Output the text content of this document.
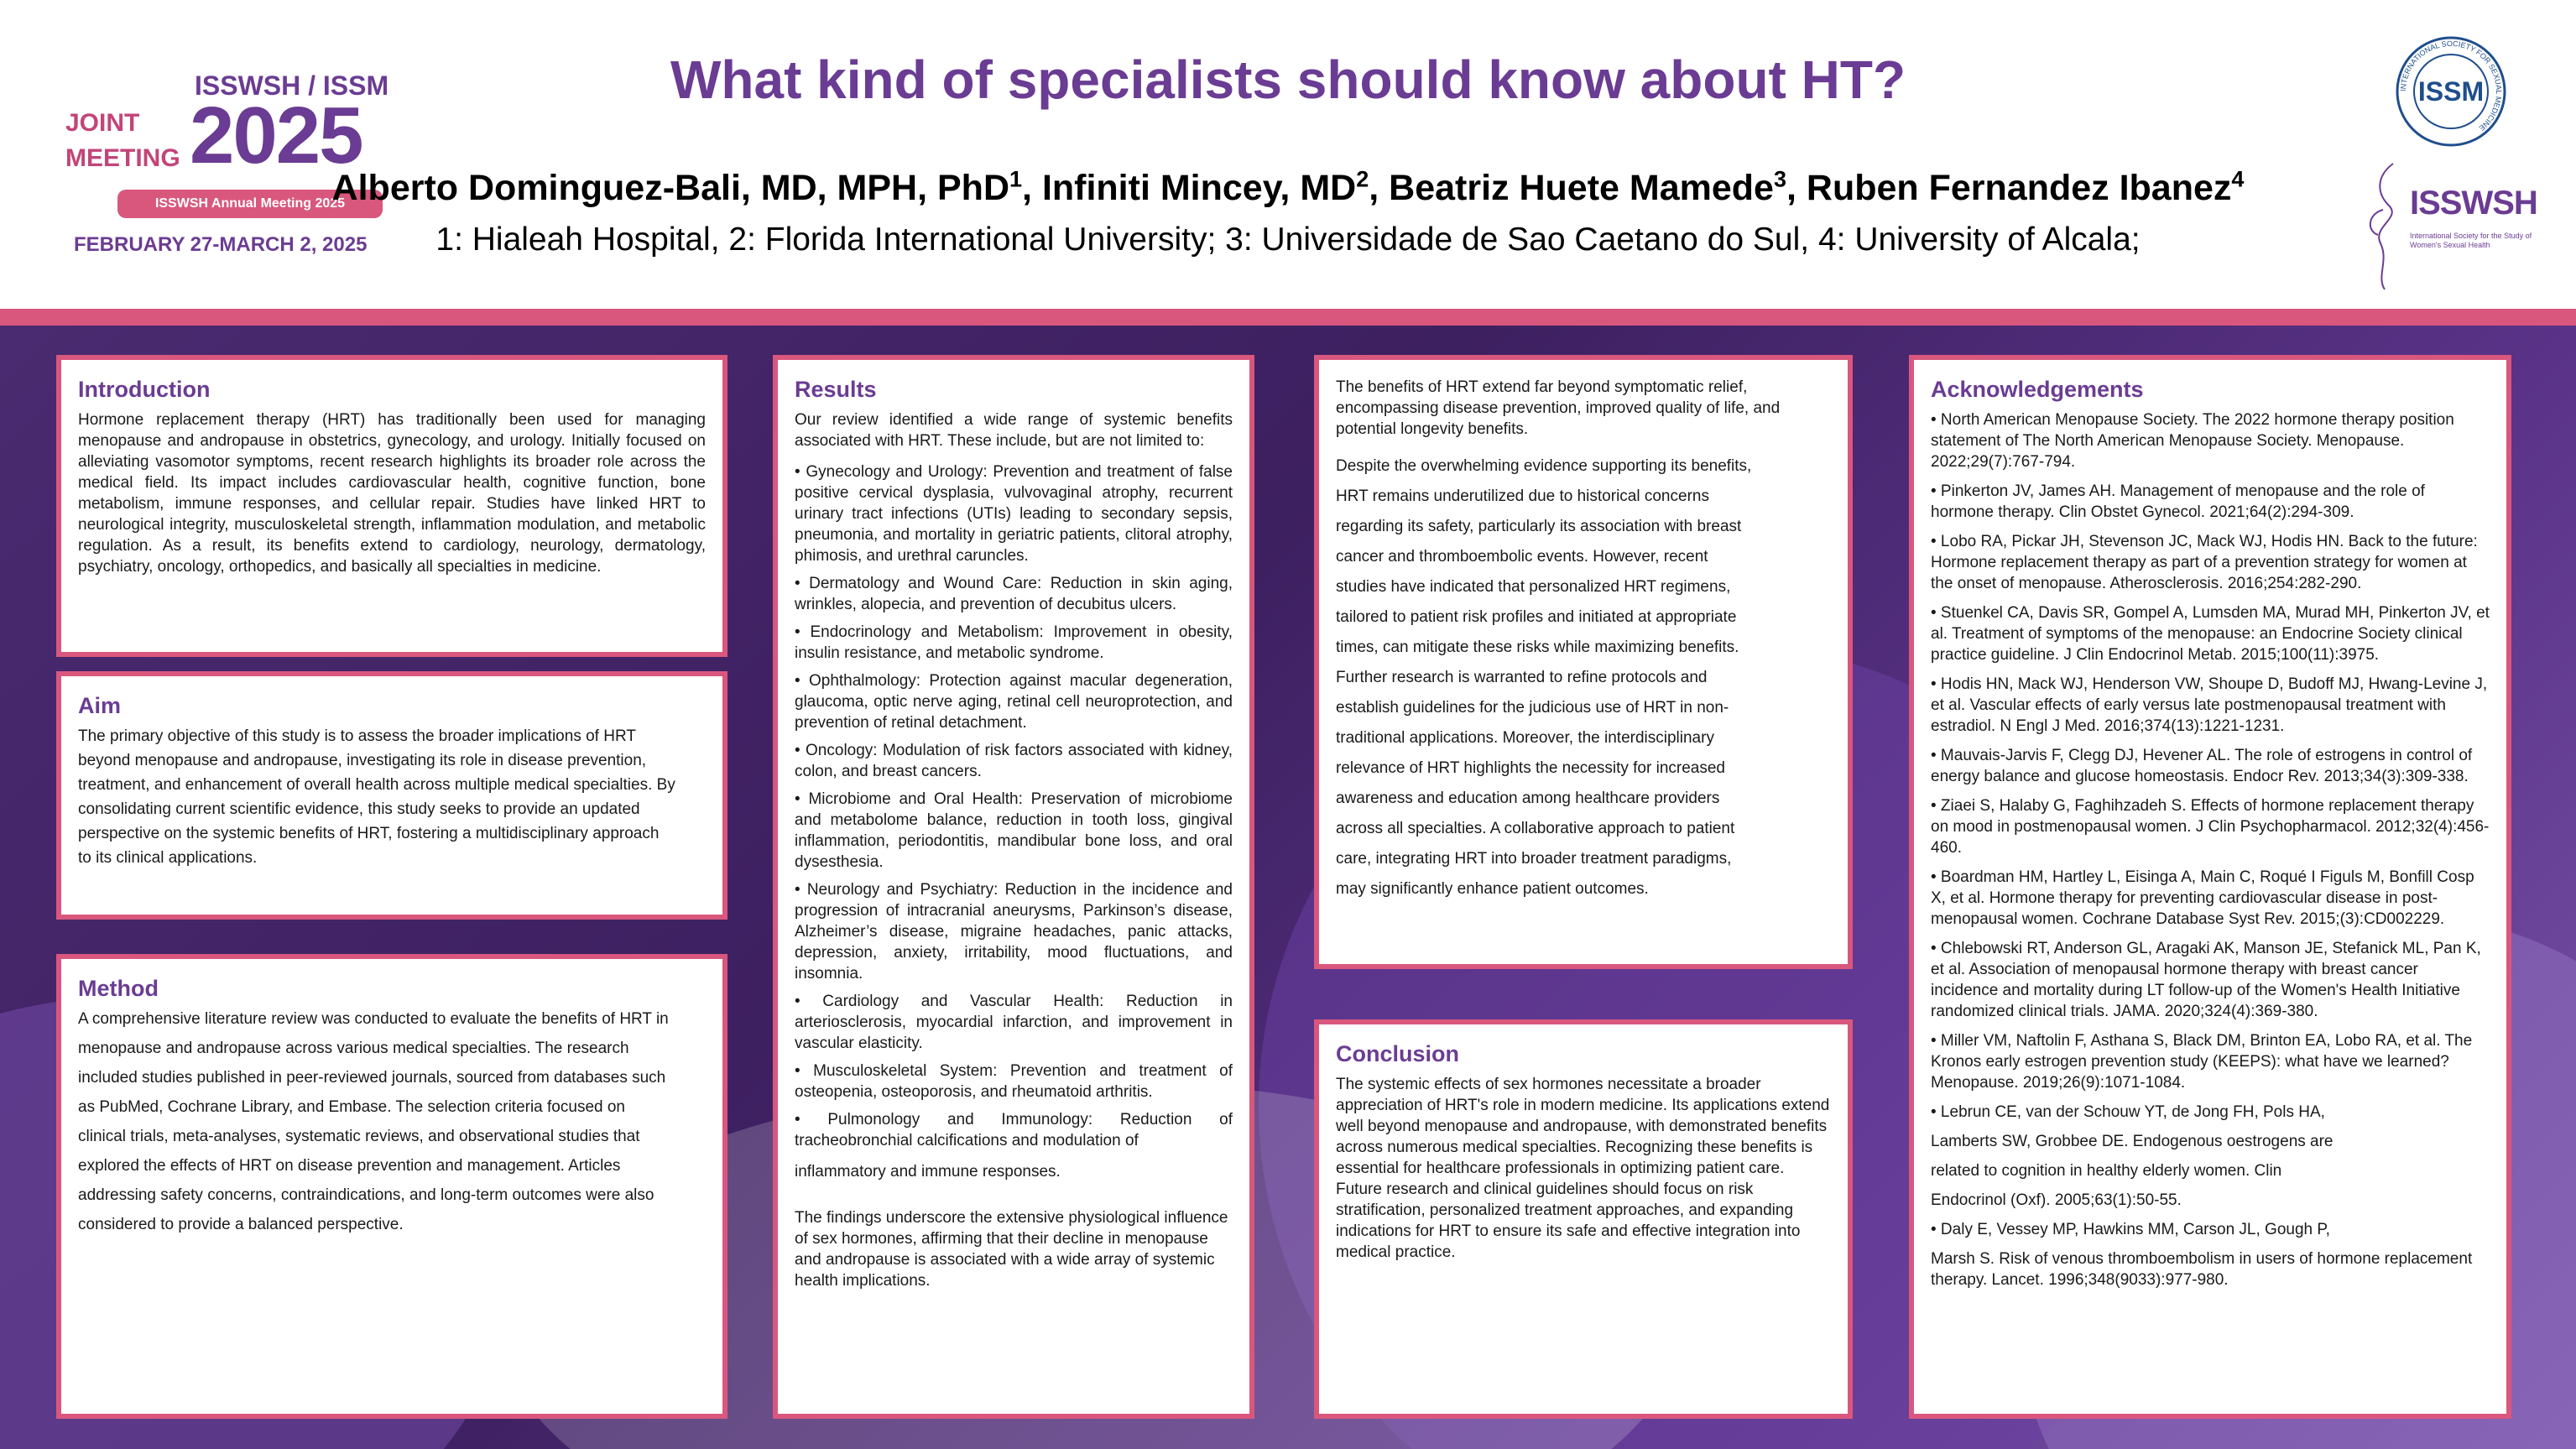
JOINT
MEETING
ISSWSH / ISSM
2025
ISSWSH Annual Meeting 2025
FEBRUARY 27-MARCH 2, 2025
What kind of specialists should know about HT?
Alberto Dominguez-Bali, MD, MPH, PhD$^1$, Infiniti Mincey, $MD^2$, Beatriz Huete Mamede$^3$, Ruben Fernandez Ibanez$^4$
1: Hialeah Hospital, 2: Florida International University; 3: Universidade de Sao Caetano do Sul, 4: University of Alcala;
INTERNATIONAL SOCIETY FOR SEXUAL MEDICINE
ISSM
ISSWSH
International Society for the Study of Women's Sexual Health
Introduction

Hormone replacement therapy (HRT) has traditionally been used for managing menopause and andropause in obstetrics, gynecology, and urology. Initially focused on alleviating vasomotor symptoms, recent research highlights its broader role across the medical field. Its impact includes cardiovascular health, cognitive function, bone metabolism, immune responses, and cellular repair. Studies have linked HRT to neurological integrity, musculoskeletal strength, inflammation modulation, and metabolic regulation. As a result, its benefits extend to cardiology, neurology, dermatology, psychiatry, oncology, orthopedics, and basically all specialties in medicine.

Aim

The primary objective of this study is to assess the broader implications of HRT

beyond menopause and andropause, investigating its role in disease prevention,

treatment, and enhancement of overall health across multiple medical specialties. By

consolidating current scientific evidence, this study seeks to provide an updated

perspective on the systemic benefits of HRT, fostering a multidisciplinary approach

to its clinical applications.

Method

A comprehensive literature review was conducted to evaluate the benefits of HRT in

menopause and andropause across various medical specialties. The research

included studies published in peer-reviewed journals, sourced from databases such

as PubMed, Cochrane Library, and Embase. The selection criteria focused on

clinical trials, meta-analyses, systematic reviews, and observational studies that

explored the effects of HRT on disease prevention and management. Articles

addressing safety concerns, contraindications, and long-term outcomes were also

considered to provide a balanced perspective.

Results

Our review identified a wide range of systemic benefits associated with HRT. These include, but are not limited to:

• Gynecology and Urology: Prevention and treatment of false positive cervical dysplasia, vulvovaginal atrophy, recurrent urinary tract infections (UTIs) leading to secondary sepsis, pneumonia, and mortality in geriatric patients, clitoral atrophy, phimosis, and urethral caruncles.

• Dermatology and Wound Care: Reduction in skin aging, wrinkles, alopecia, and prevention of decubitus ulcers.

• Endocrinology and Metabolism: Improvement in obesity, insulin resistance, and metabolic syndrome.

• Ophthalmology: Protection against macular degeneration, glaucoma, optic nerve aging, retinal cell neuroprotection, and prevention of retinal detachment.

• Oncology: Modulation of risk factors associated with kidney, colon, and breast cancers.

• Microbiome and Oral Health: Preservation of microbiome and metabolome balance, reduction in tooth loss, gingival inflammation, periodontitis, mandibular bone loss, and oral dysesthesia.

• Neurology and Psychiatry: Reduction in the incidence and progression of intracranial aneurysms, Parkinson’s disease, Alzheimer’s disease, migraine headaches, panic attacks, depression, anxiety, irritability, mood fluctuations, and insomnia.

• Cardiology and Vascular Health: Reduction in arteriosclerosis, myocardial infarction, and improvement in vascular elasticity.

• Musculoskeletal System: Prevention and treatment of osteopenia, osteoporosis, and rheumatoid arthritis.

• Pulmonology and Immunology: Reduction of tracheobronchial calcifications and modulation of

inflammatory and immune responses.

The findings underscore the extensive physiological influence of sex hormones, affirming that their decline in menopause and andropause is associated with a wide array of systemic health implications.

The benefits of HRT extend far beyond symptomatic relief, encompassing disease prevention, improved quality of life, and potential longevity benefits.

Despite the overwhelming evidence supporting its benefits,

HRT remains underutilized due to historical concerns

regarding its safety, particularly its association with breast

cancer and thromboembolic events. However, recent

studies have indicated that personalized HRT regimens,

tailored to patient risk profiles and initiated at appropriate

times, can mitigate these risks while maximizing benefits.

Further research is warranted to refine protocols and

establish guidelines for the judicious use of HRT in non-

traditional applications. Moreover, the interdisciplinary

relevance of HRT highlights the necessity for increased

awareness and education among healthcare providers

across all specialties. A collaborative approach to patient

care, integrating HRT into broader treatment paradigms,

may significantly enhance patient outcomes.

Conclusion

The systemic effects of sex hormones necessitate a broader appreciation of HRT's role in modern medicine. Its applications extend well beyond menopause and andropause, with demonstrated benefits across numerous medical specialties. Recognizing these benefits is essential for healthcare professionals in optimizing patient care. Future research and clinical guidelines should focus on risk stratification, personalized treatment approaches, and expanding indications for HRT to ensure its safe and effective integration into medical practice.

Acknowledgements

• North American Menopause Society. The 2022 hormone therapy position statement of The North American Menopause Society. Menopause. 2022;29(7):767-794.

• Pinkerton JV, James AH. Management of menopause and the role of hormone therapy. Clin Obstet Gynecol. 2021;64(2):294-309.

• Lobo RA, Pickar JH, Stevenson JC, Mack WJ, Hodis HN. Back to the future: Hormone replacement therapy as part of a prevention strategy for women at the onset of menopause. Atherosclerosis. 2016;254:282-290.

• Stuenkel CA, Davis SR, Gompel A, Lumsden MA, Murad MH, Pinkerton JV, et al. Treatment of symptoms of the menopause: an Endocrine Society clinical practice guideline. J Clin Endocrinol Metab. 2015;100(11):3975.

• Hodis HN, Mack WJ, Henderson VW, Shoupe D, Budoff MJ, Hwang-Levine J, et al. Vascular effects of early versus late postmenopausal treatment with estradiol. N Engl J Med. 2016;374(13):1221-1231.

• Mauvais-Jarvis F, Clegg DJ, Hevener AL. The role of estrogens in control of energy balance and glucose homeostasis. Endocr Rev. 2013;34(3):309-338.

• Ziaei S, Halaby G, Faghihzadeh S. Effects of hormone replacement therapy on mood in postmenopausal women. J Clin Psychopharmacol. 2012;32(4):456-460.

• Boardman HM, Hartley L, Eisinga A, Main C, Roqué I Figuls M, Bonfill Cosp X, et al. Hormone therapy for preventing cardiovascular disease in post-menopausal women. Cochrane Database Syst Rev. 2015;(3):CD002229.

• Chlebowski RT, Anderson GL, Aragaki AK, Manson JE, Stefanick ML, Pan K, et al. Association of menopausal hormone therapy with breast cancer incidence and mortality during LT follow-up of the Women's Health Initiative randomized clinical trials. JAMA. 2020;324(4):369-380.

• Miller VM, Naftolin F, Asthana S, Black DM, Brinton EA, Lobo RA, et al. The Kronos early estrogen prevention study (KEEPS): what have we learned? Menopause. 2019;26(9):1071-1084.

• Lebrun CE, van der Schouw YT, de Jong FH, Pols HA,

Lamberts SW, Grobbee DE. Endogenous oestrogens are

related to cognition in healthy elderly women. Clin

Endocrinol (Oxf). 2005;63(1):50-55.

• Daly E, Vessey MP, Hawkins MM, Carson JL, Gough P,

Marsh S. Risk of venous thromboembolism in users of hormone replacement therapy. Lancet. 1996;348(9033):977-980.
